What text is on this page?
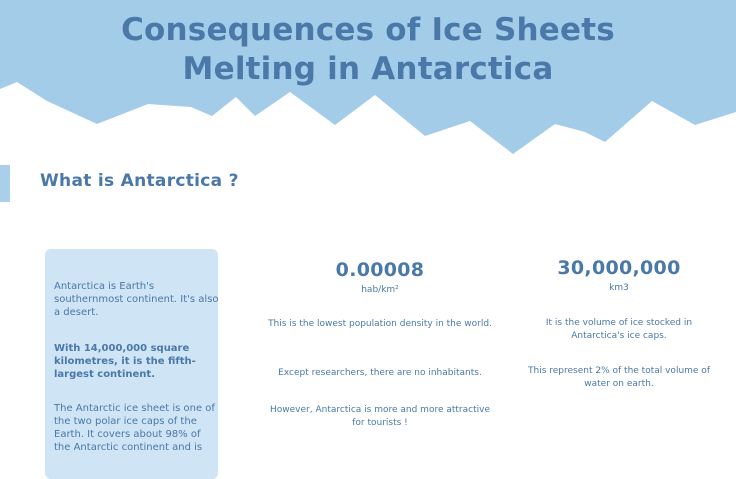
Consequences of Ice Sheets
Melting in Antarctica
What is Antarctica ?
Antarctica is Earth's southernmost continent. It's also a desert.
With 14,000,000 square kilometres, it is the fifth-largest continent.
The Antarctic ice sheet is one of the two polar ice caps of the Earth. It covers about 98% of the Antarctic continent and is
0.00008
hab/km²
This is the lowest population density in the world.
Except researchers, there are no inhabitants.
However, Antarctica is more and more attractive for tourists !
30,000,000
km3
It is the volume of ice stocked in Antarctica's ice caps.
This represent 2% of the total volume of water on earth.
